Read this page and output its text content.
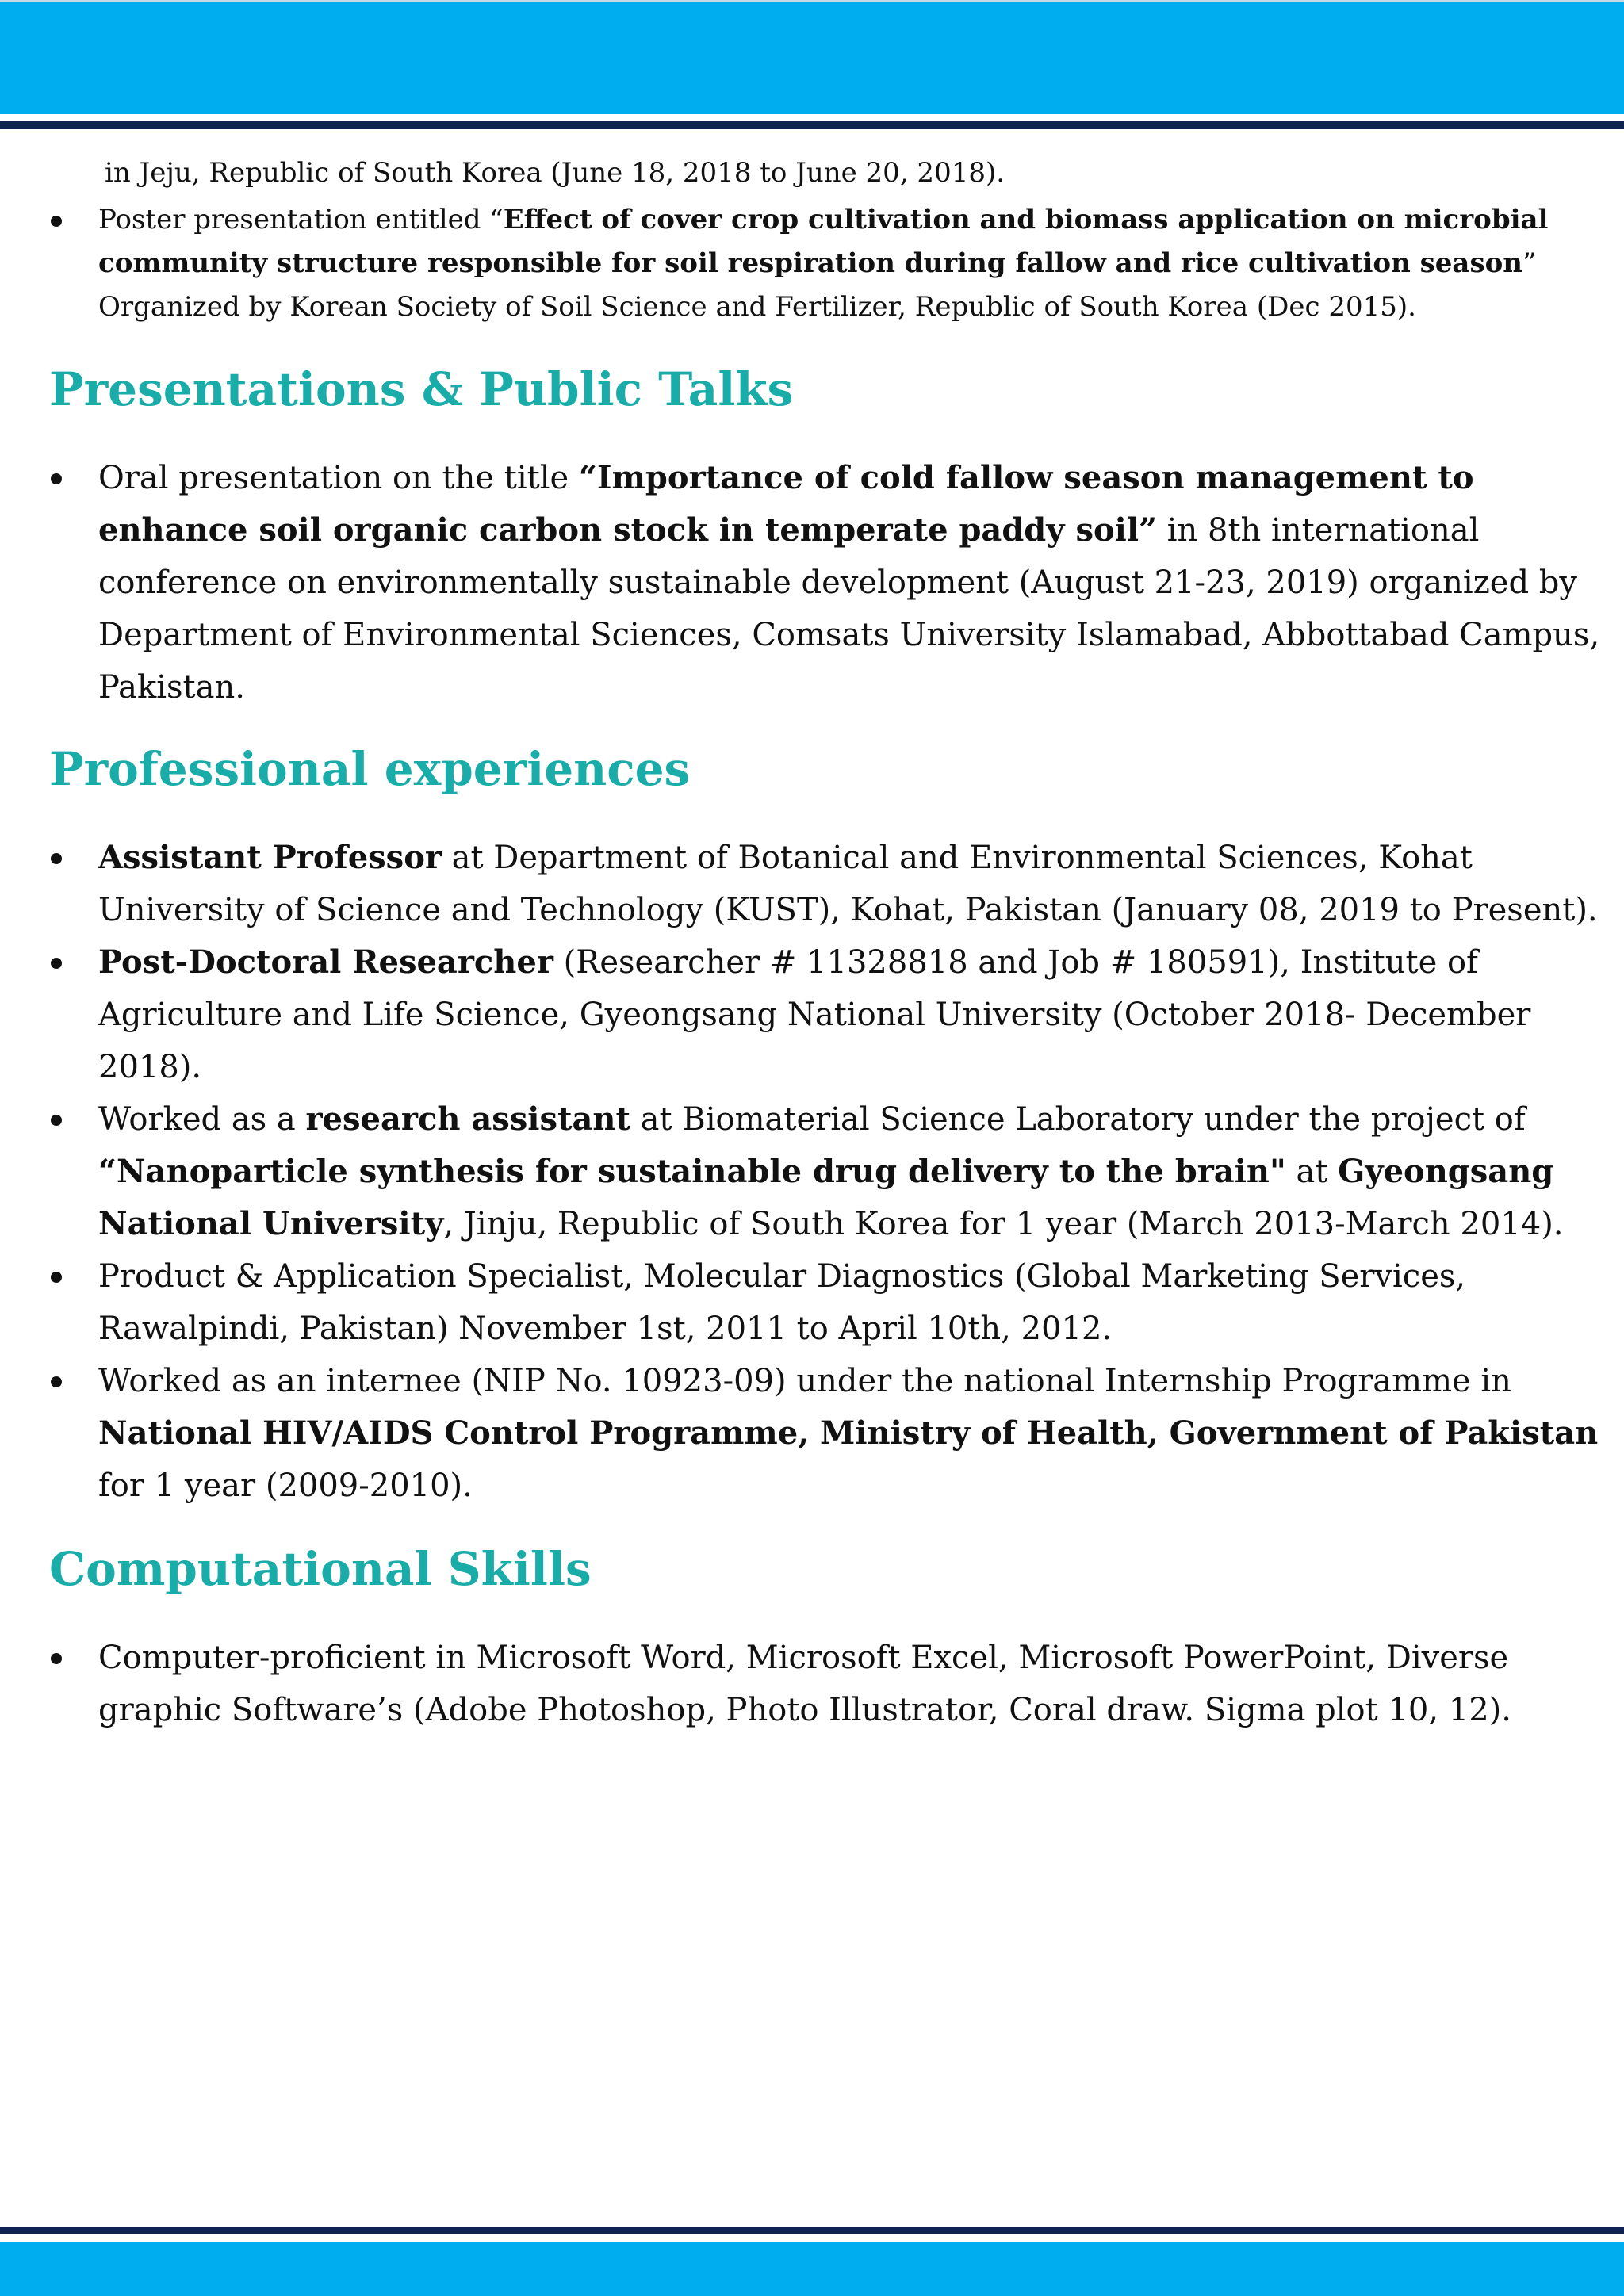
in Jeju, Republic of South Korea (June 18, 2018 to June 20, 2018).

Poster presentation entitled “Effect of cover crop cultivation and biomass application on microbial community structure responsible for soil respiration during fallow and rice cultivation season” Organized by Korean Society of Soil Science and Fertilizer, Republic of South Korea (Dec 2015).
Presentations & Public Talks
Oral presentation on the title “Importance of cold fallow season management to enhance soil organic carbon stock in temperate paddy soil” in 8th international conference on environmentally sustainable development (August 21-23, 2019) organized by Department of Environmental Sciences, Comsats University Islamabad, Abbottabad Campus, Pakistan.
Professional experiences
Assistant Professor at Department of Botanical and Environmental Sciences, Kohat University of Science and Technology (KUST), Kohat, Pakistan (January 08, 2019 to Present).
Post-Doctoral Researcher (Researcher # 11328818 and Job # 180591), Institute of Agriculture and Life Science, Gyeongsang National University (October 2018- December 2018).
Worked as a research assistant at Biomaterial Science Laboratory under the project of “Nanoparticle synthesis for sustainable drug delivery to the brain" at Gyeongsang National University, Jinju, Republic of South Korea for 1 year (March 2013-March 2014).
Product & Application Specialist, Molecular Diagnostics (Global Marketing Services, Rawalpindi, Pakistan) November 1st, 2011 to April 10th, 2012.
Worked as an internee (NIP No. 10923-09) under the national Internship Programme in National HIV/AIDS Control Programme, Ministry of Health, Government of Pakistan for 1 year (2009-2010).
Computational Skills
Computer-proficient in Microsoft Word, Microsoft Excel, Microsoft PowerPoint, Diverse graphic Software’s (Adobe Photoshop, Photo Illustrator, Coral draw. Sigma plot 10, 12).
